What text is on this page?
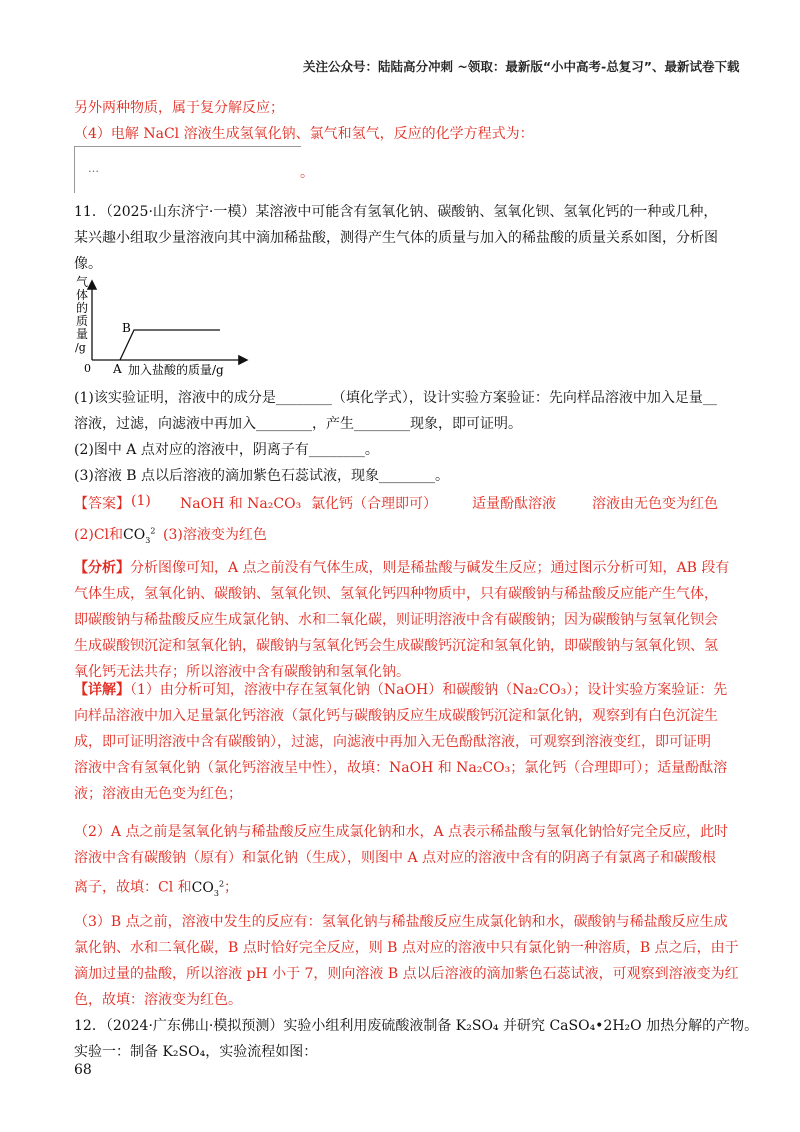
关注公众号：陆陆高分冲刺 ~领取：最新版“小中高考-总复习”、最新试卷下载
另外两种物质，属于复分解反应；
（4）电解 NaCl 溶液生成氢氧化钠、氯气和氢气，反应的化学方程式为：
…	。
11．（2025·山东济宁·一模）某溶液中可能含有氢氧化钠、碳酸钠、氢氧化钡、氢氧化钙的一种或几种，
某兴趣小组取少量溶液向其中滴加稀盐酸，测得产生气体的质量与加入的稀盐酸的质量关系如图，分析图
像。
气
体
的
质
量
/g
B
A 加入盐酸的质量/g
0
(1)该实验证明，溶液中的成分是________（填化学式），设计实验方案验证：先向样品溶液中加入足量__
溶液，过滤，向滤液中再加入________，产生________现象，即可证明。
(2)图中 A 点对应的溶液中，阴离子有________。
(3)溶液 B 点以后溶液的滴加紫色石蕊试液，现象________。
【答案】 (1) NaOH 和 Na₂CO₃ 氯化钙（合理即可）	适量酚酞溶液	溶液由无色变为红色
(2)Cl和$CO_3^2$ (3)溶液变为红色
【分析】分析图像可知，A 点之前没有气体生成，则是稀盐酸与碱发生反应；通过图示分析可知，AB 段有
气体生成，氢氧化钠、碳酸钠、氢氧化钡、氢氧化钙四种物质中，只有碳酸钠与稀盐酸反应能产生气体，
即碳酸钠与稀盐酸反应生成氯化钠、水和二氧化碳，则证明溶液中含有碳酸钠；因为碳酸钠与氢氧化钡会
生成碳酸钡沉淀和氢氧化钠，碳酸钠与氢氧化钙会生成碳酸钙沉淀和氢氧化钠，即碳酸钠与氢氧化钡、氢
氧化钙无法共存；所以溶液中含有碳酸钠和氢氧化钠。
【详解】（1）由分析可知，溶液中存在氢氧化钠（NaOH）和碳酸钠（Na₂CO₃）；设计实验方案验证：先
向样品溶液中加入足量氯化钙溶液（氯化钙与碳酸钠反应生成碳酸钙沉淀和氯化钠，观察到有白色沉淀生
成，即可证明溶液中含有碳酸钠），过滤，向滤液中再加入无色酚酞溶液，可观察到溶液变红，即可证明
溶液中含有氢氧化钠（氯化钙溶液呈中性），故填：NaOH 和 Na₂CO₃；氯化钙（合理即可）；适量酚酞溶
液；溶液由无色变为红色；
（2）A 点之前是氢氧化钠与稀盐酸反应生成氯化钠和水，A 点表示稀盐酸与氢氧化钠恰好完全反应，此时
溶液中含有碳酸钠（原有）和氯化钠（生成），则图中 A 点对应的溶液中含有的阴离子有氯离子和碳酸根
离子，故填：Cl 和$CO_3^2$；
（3）B 点之前，溶液中发生的反应有：氢氧化钠与稀盐酸反应生成氯化钠和水，碳酸钠与稀盐酸反应生成
氯化钠、水和二氧化碳，B 点时恰好完全反应，则 B 点对应的溶液中只有氯化钠一种溶质，B 点之后，由于
滴加过量的盐酸，所以溶液 pH 小于 7，则向溶液 B 点以后溶液的滴加紫色石蕊试液，可观察到溶液变为红
色，故填：溶液变为红色。
12．（2024·广东佛山·模拟预测）实验小组利用废硫酸液制备 K₂SO₄ 并研究 CaSO₄•2H₂O 加热分解的产物。
实验一：制备 K₂SO₄，实验流程如图：
68
